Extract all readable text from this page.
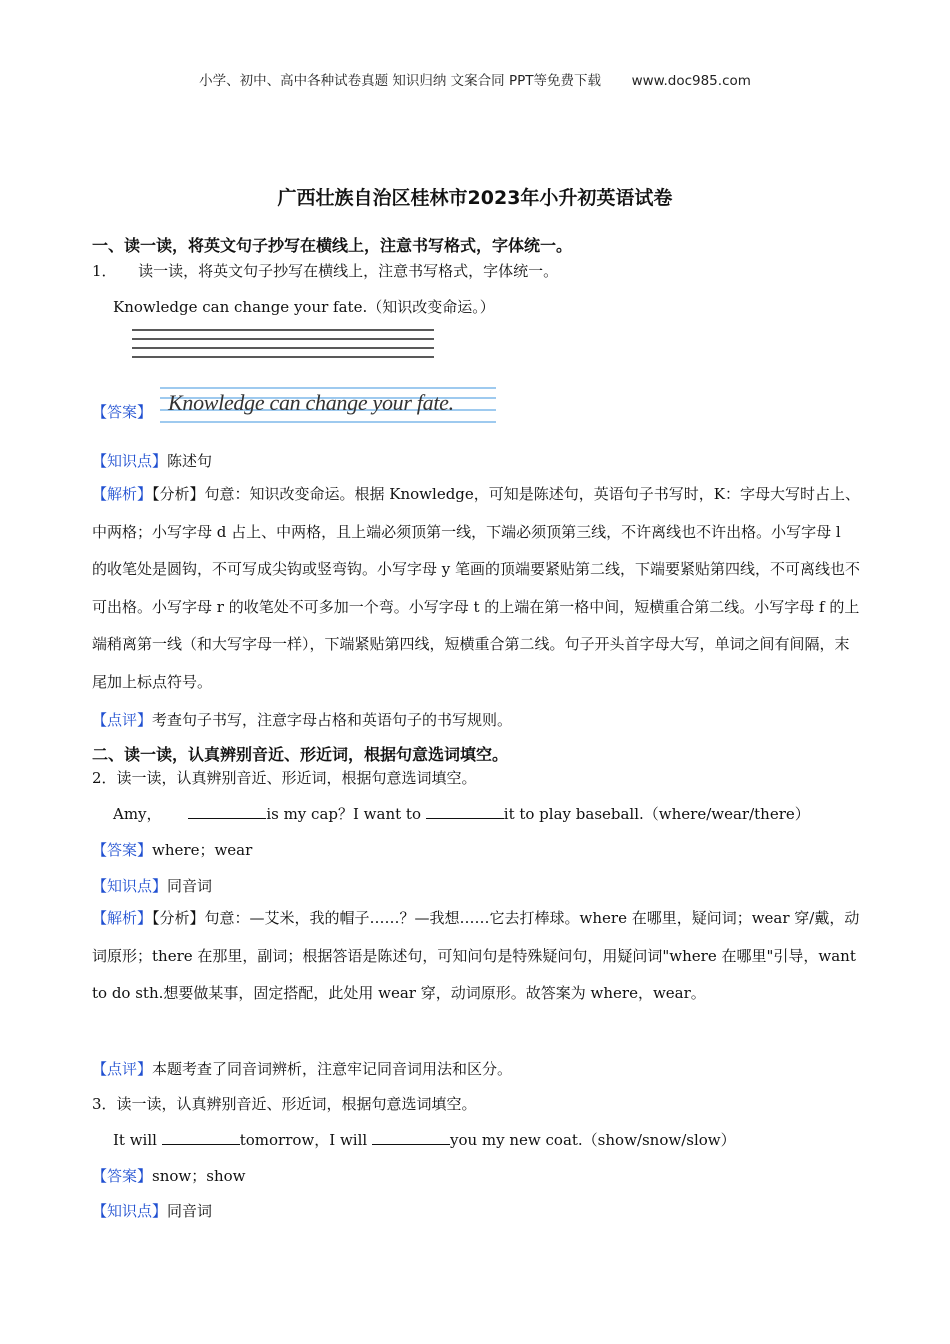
小学、初中、高中各种试卷真题 知识归纳 文案合同 PPT等免费下载 www.doc985.com
广西壮族自治区桂林市2023年小升初英语试卷
一、读一读，将英文句子抄写在横线上，注意书写格式，字体统一。
1． 读一读，将英文句子抄写在横线上，注意书写格式，字体统一。
Knowledge can change your fate.（知识改变命运。）
【答案】 Knowledge can change your fate.
【知识点】陈述句
【解析】【分析】句意：知识改变命运。根据 Knowledge，可知是陈述句，英语句子书写时，K：字母大写时占上、中两格；小写字母 d 占上、中两格，且上端必须顶第一线，下端必须顶第三线，不许离线也不许出格。小写字母 l 的收笔处是圆钩，不可写成尖钩或竖弯钩。小写字母 y 笔画的顶端要紧贴第二线，下端要紧贴第四线，不可离线也不可出格。小写字母 r 的收笔处不可多加一个弯。小写字母 t 的上端在第一格中间，短横重合第二线。小写字母 f 的上端稍离第一线（和大写字母一样），下端紧贴第四线，短横重合第二线。句子开头首字母大写，单词之间有间隔，末尾加上标点符号。
【点评】考查句子书写，注意字母占格和英语句子的书写规则。
二、读一读，认真辨别音近、形近词，根据句意选词填空。
2．读一读，认真辨别音近、形近词，根据句意选词填空。
Amy，	is my cap？I want to	it to play baseball.（where/wear/there）
【答案】where；wear
【知识点】同音词
【解析】【分析】句意：—艾米，我的帽子……？—我想……它去打棒球。where 在哪里，疑问词；wear 穿/戴，动词原形；there 在那里，副词；根据答语是陈述句，可知问句是特殊疑问句，用疑问词"where 在哪里"引导，want to do sth.想要做某事，固定搭配，此处用 wear 穿，动词原形。故答案为 where，wear。
【点评】本题考查了同音词辨析，注意牢记同音词用法和区分。
3．读一读，认真辨别音近、形近词，根据句意选词填空。
It will	tomorrow，I will	you my new coat.（show/snow/slow）
【答案】snow；show
【知识点】同音词
